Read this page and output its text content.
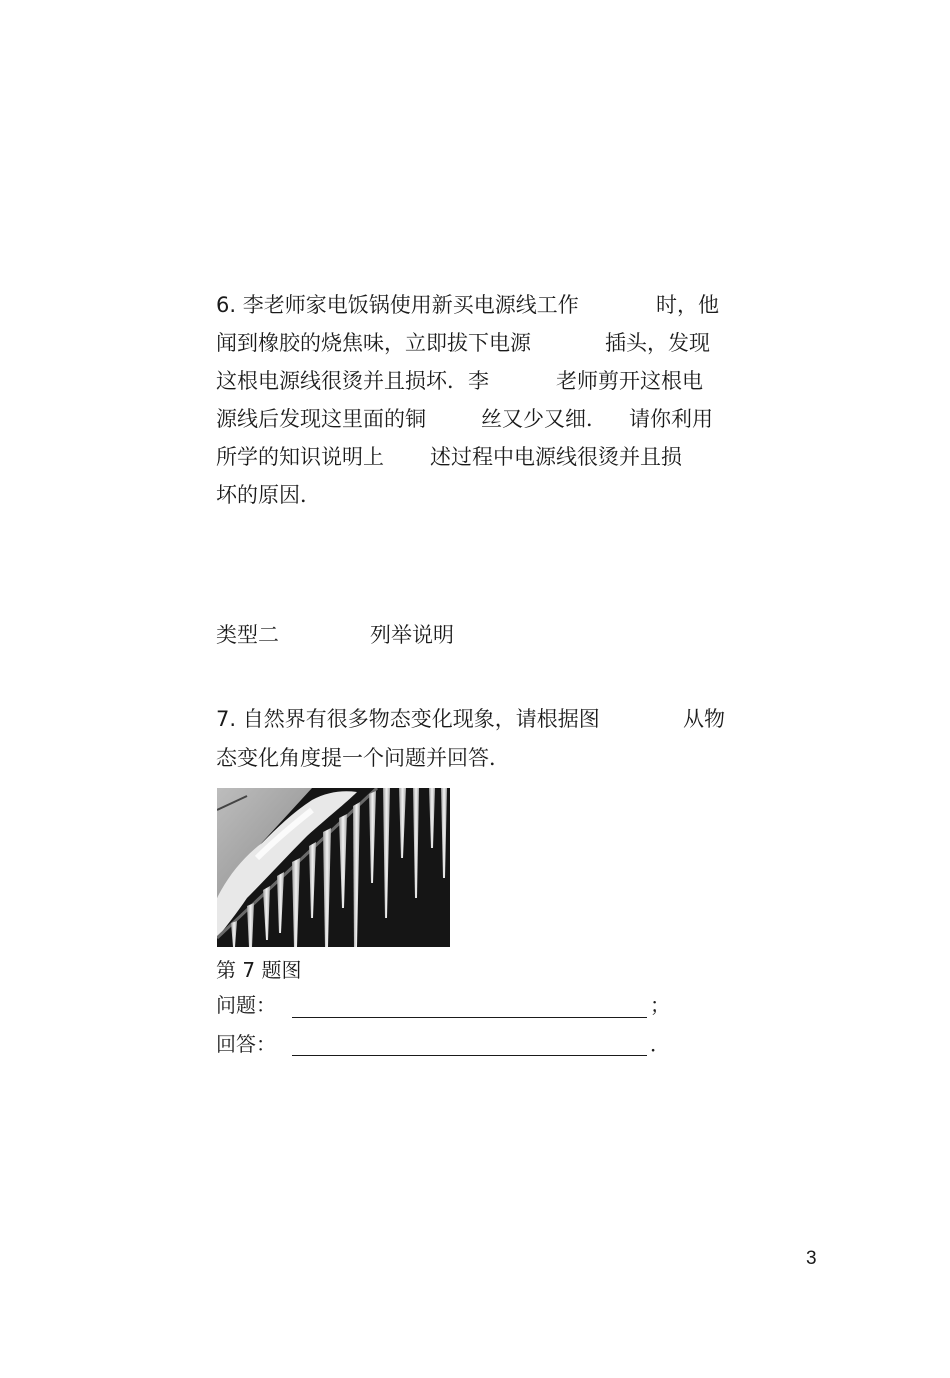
6. 李老师家电饭锅使用新买电源线工作

	时，他

闻到橡胶的烧焦味，立即拔下电源

	插头，发现

这根电源线很烫并且损坏．李

	老师剪开这根电

源线后发现这里面的铜

	丝又少又细．

请你利用

所学的知识说明上

述过程中电源线很烫并且损

坏的原因．

类型二

	列举说明

7. 自然界有很多物态变化现象，请根据图

	从物

态变化角度提一个问题并回答．

第 7 题图
问题：	；
回答：	．
3
